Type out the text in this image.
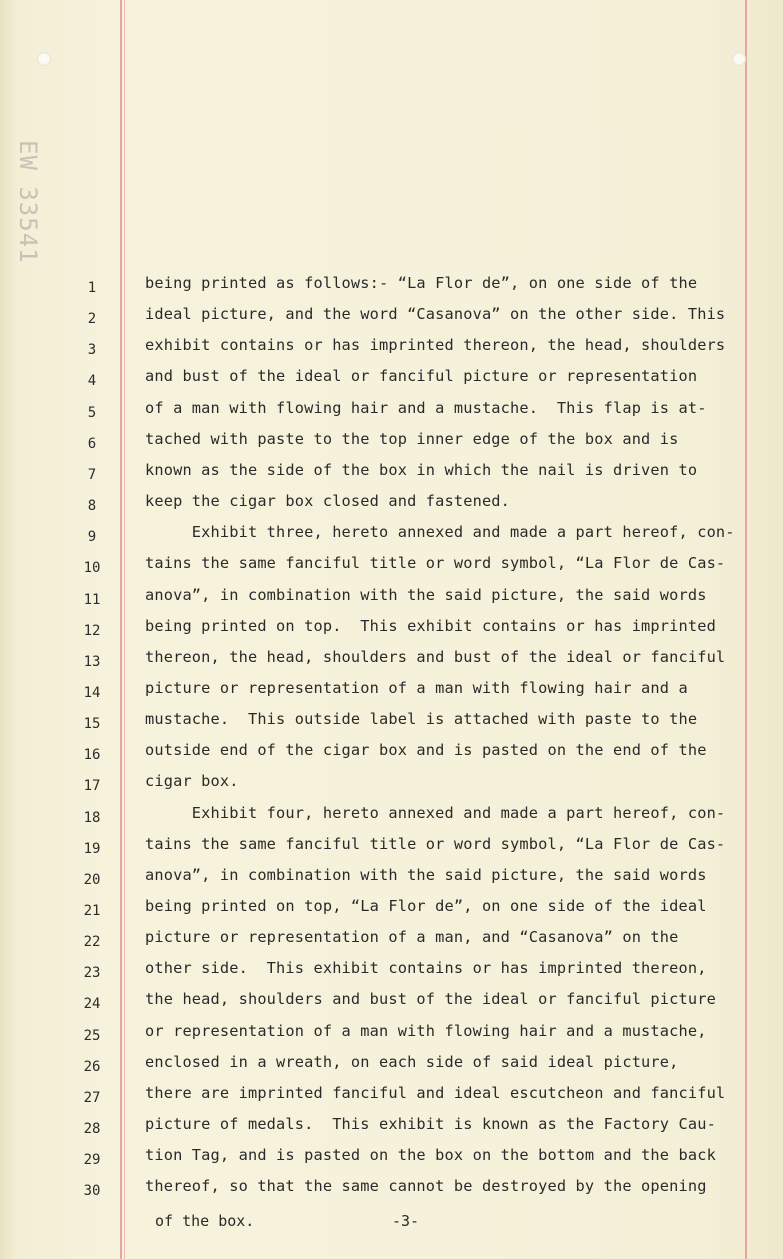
EW 33541
1
2
3
4
5
6
7
8
9
10
11
12
13
14
15
16
17
18
19
20
21
22
23
24
25
26
27
28
29
30
being printed as follows:- “La Flor de”, on one side of the
ideal picture, and the word “Casanova” on the other side. This
exhibit contains or has imprinted thereon, the head, shoulders
and bust of the ideal or fanciful picture or representation
of a man with flowing hair and a mustache.  This flap is at-
tached with paste to the top inner edge of the box and is
known as the side of the box in which the nail is driven to
keep the cigar box closed and fastened.
Exhibit three, hereto annexed and made a part hereof, con-
tains the same fanciful title or word symbol, “La Flor de Cas-
anova”, in combination with the said picture, the said words
being printed on top.  This exhibit contains or has imprinted
thereon, the head, shoulders and bust of the ideal or fanciful
picture or representation of a man with flowing hair and a
mustache.  This outside label is attached with paste to the
outside end of the cigar box and is pasted on the end of the
cigar box.
Exhibit four, hereto annexed and made a part hereof, con-
tains the same fanciful title or word symbol, “La Flor de Cas-
anova”, in combination with the said picture, the said words
being printed on top, “La Flor de”, on one side of the ideal
picture or representation of a man, and “Casanova” on the
other side.  This exhibit contains or has imprinted thereon,
the head, shoulders and bust of the ideal or fanciful picture
or representation of a man with flowing hair and a mustache,
enclosed in a wreath, on each side of said ideal picture,
there are imprinted fanciful and ideal escutcheon and fanciful
picture of medals.  This exhibit is known as the Factory Cau-
tion Tag, and is pasted on the box on the bottom and the back
thereof, so that the same cannot be destroyed by the opening
of the box.	-3-
